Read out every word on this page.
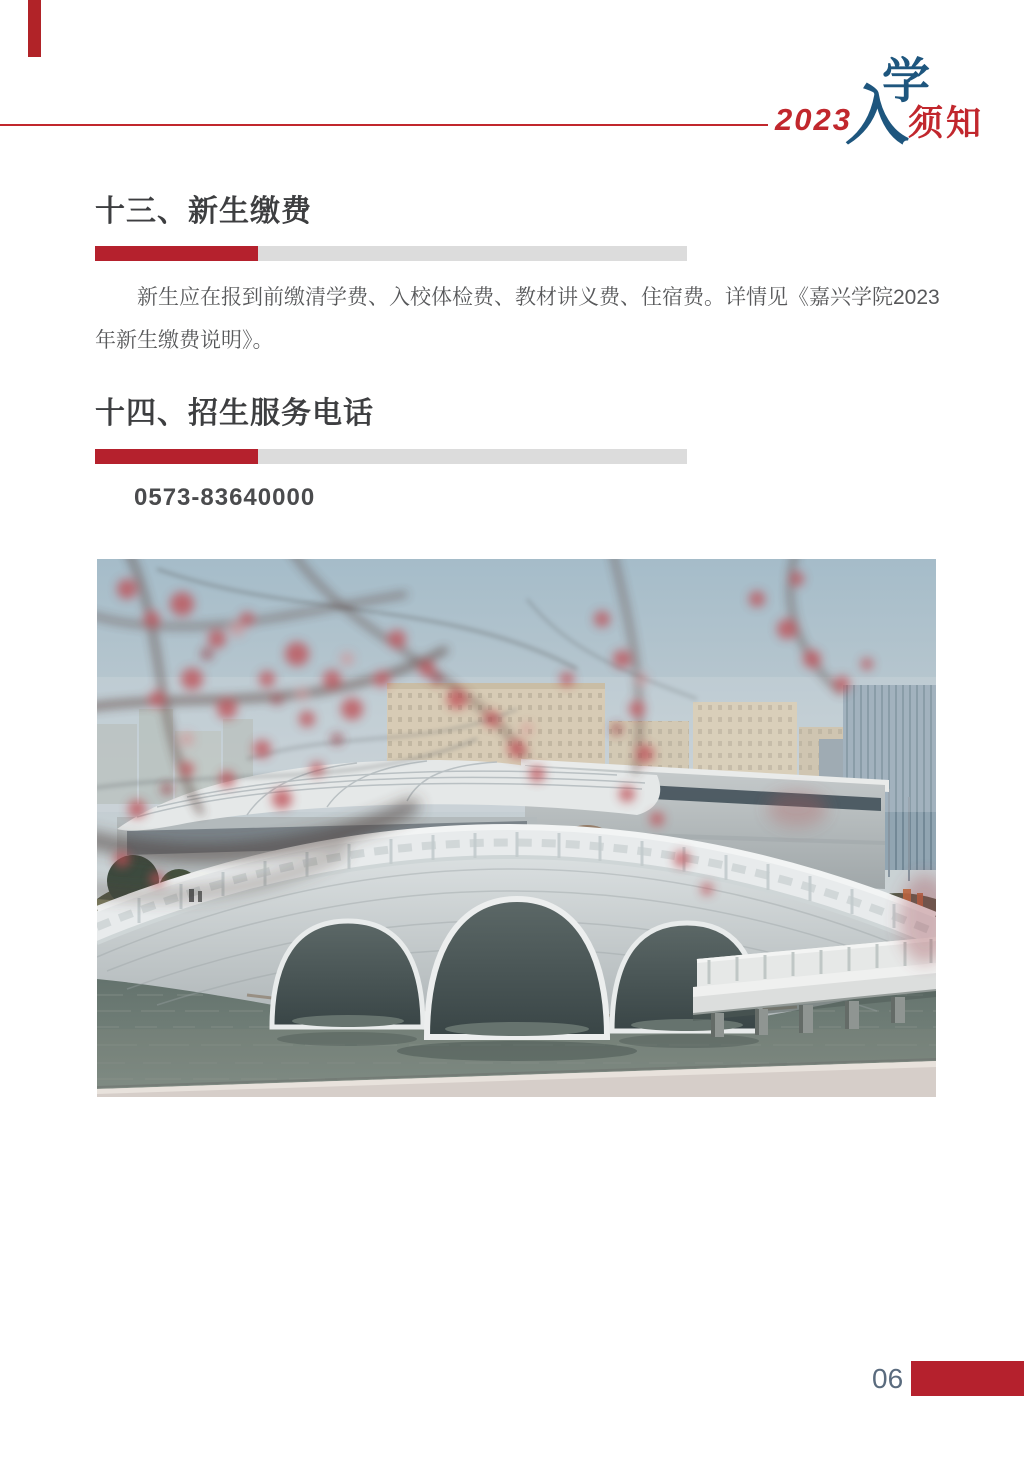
2023
入
学
须知
十三、新生缴费

新生应在报到前缴清学费、入校体检费、教材讲义费、住宿费。详情见《嘉兴学院2023年新生缴费说明》。

十四、招生服务电话
0573-83640000
06
